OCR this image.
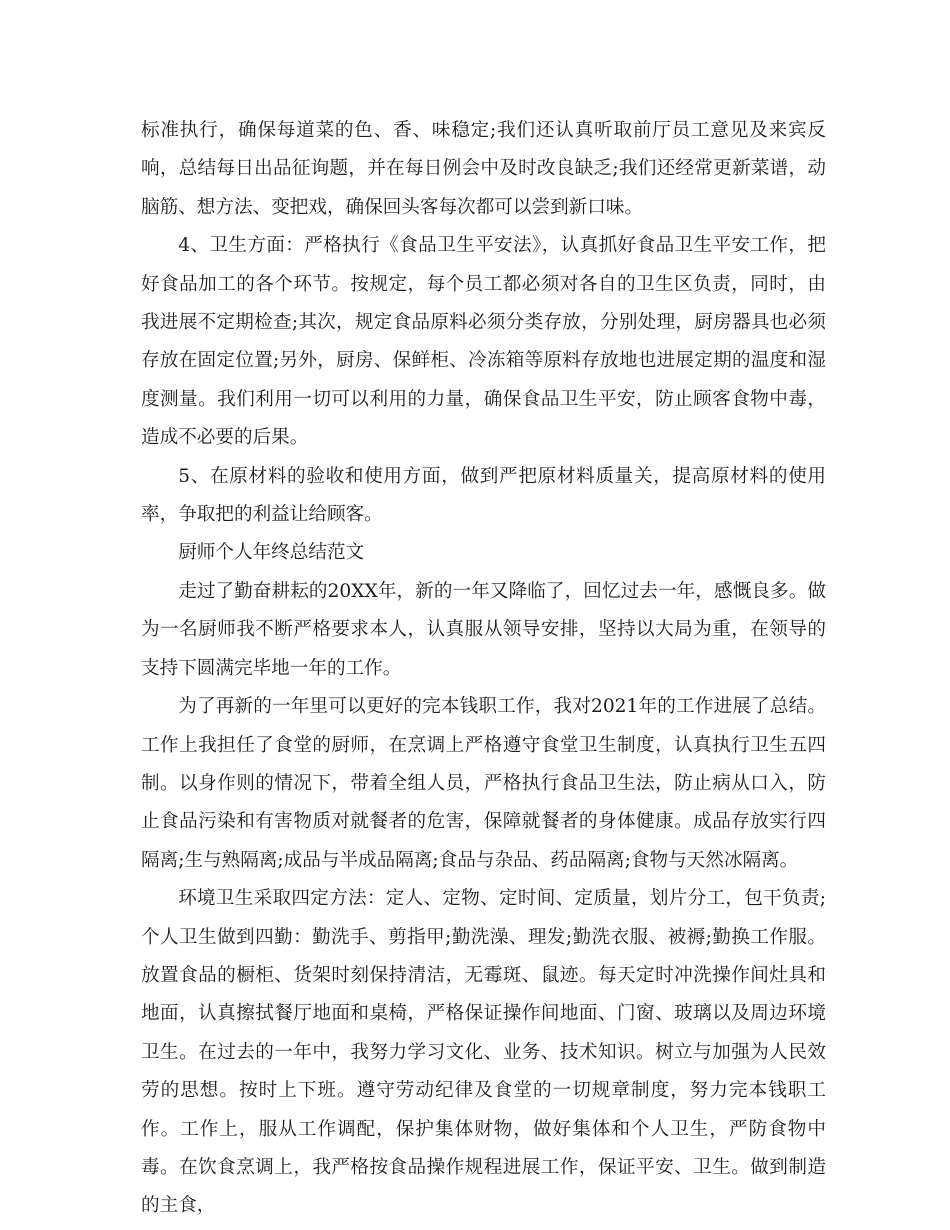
标准执行，确保每道菜的色、香、味稳定;我们还认真听取前厅员工意见及来宾反响，总结每日出品征询题，并在每日例会中及时改良缺乏;我们还经常更新菜谱，动脑筋、想方法、变把戏，确保回头客每次都可以尝到新口味。

4、卫生方面：严格执行《食品卫生平安法》，认真抓好食品卫生平安工作，把好食品加工的各个环节。按规定，每个员工都必须对各自的卫生区负责，同时，由我进展不定期检查;其次，规定食品原料必须分类存放，分别处理，厨房器具也必须存放在固定位置;另外，厨房、保鲜柜、冷冻箱等原料存放地也进展定期的温度和湿度测量。我们利用一切可以利用的力量，确保食品卫生平安，防止顾客食物中毒，造成不必要的后果。

5、在原材料的验收和使用方面，做到严把原材料质量关，提高原材料的使用率，争取把的利益让给顾客。

厨师个人年终总结范文

走过了勤奋耕耘的20XX年，新的一年又降临了，回忆过去一年，感慨良多。做为一名厨师我不断严格要求本人，认真服从领导安排，坚持以大局为重，在领导的支持下圆满完毕地一年的工作。

为了再新的一年里可以更好的完本钱职工作，我对2021年的工作进展了总结。工作上我担任了食堂的厨师，在烹调上严格遵守食堂卫生制度，认真执行卫生五四制。以身作则的情况下，带着全组人员，严格执行食品卫生法，防止病从口入，防止食品污染和有害物质对就餐者的危害，保障就餐者的身体健康。成品存放实行四隔离;生与熟隔离;成品与半成品隔离;食品与杂品、药品隔离;食物与天然冰隔离。

环境卫生采取四定方法：定人、定物、定时间、定质量，划片分工，包干负责;个人卫生做到四勤：勤洗手、剪指甲;勤洗澡、理发;勤洗衣服、被褥;勤换工作服。放置食品的橱柜、货架时刻保持清洁，无霉斑、鼠迹。每天定时冲洗操作间灶具和地面，认真擦拭餐厅地面和桌椅，严格保证操作间地面、门窗、玻璃以及周边环境卫生。在过去的一年中，我努力学习文化、业务、技术知识。树立与加强为人民效劳的思想。按时上下班。遵守劳动纪律及食堂的一切规章制度，努力完本钱职工作。工作上，服从工作调配，保护集体财物，做好集体和个人卫生，严防食物中毒。在饮食烹调上，我严格按食品操作规程进展工作，保证平安、卫生。做到制造的主食，
